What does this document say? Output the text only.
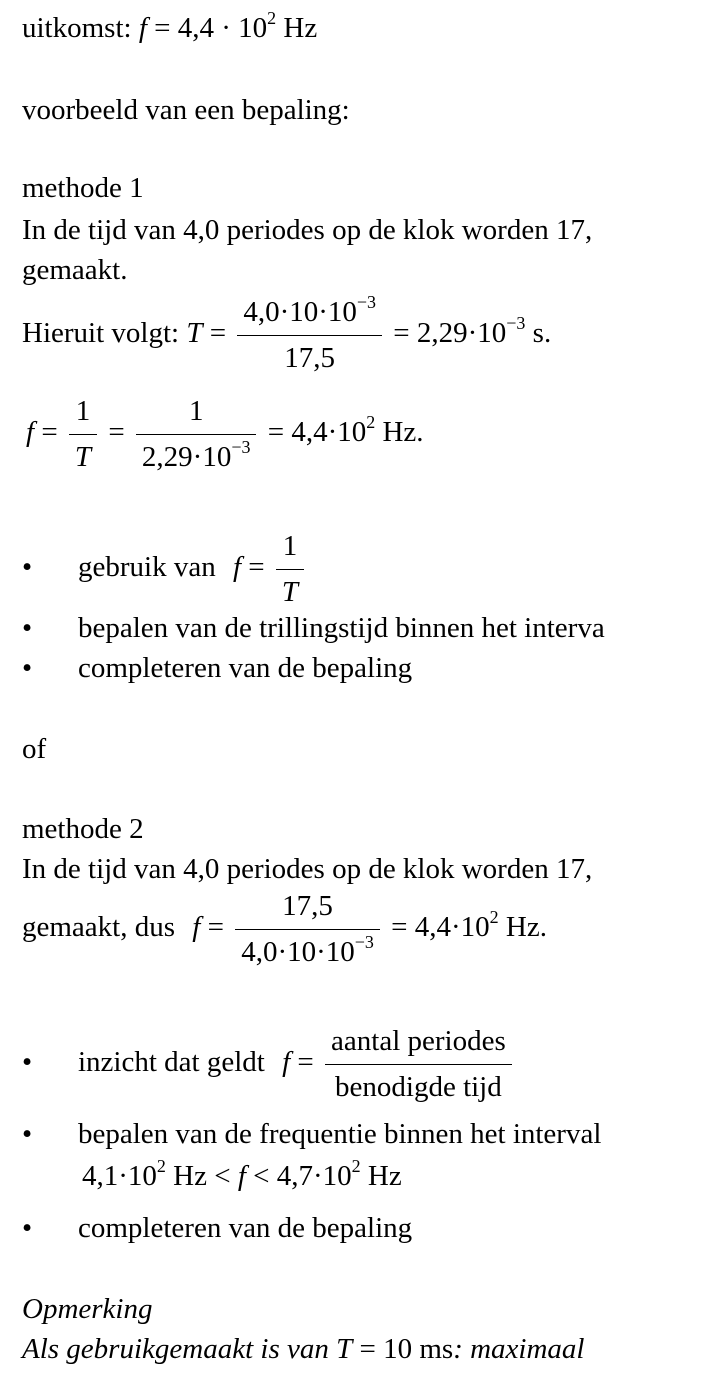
uitkomst: $f = 4,4 \cdot 10^2$ Hz
voorbeeld van een bepaling:
methode 1
In de tijd van 4,0 periodes op de klok worden 17,
gemaakt.
Hieruit volgt: $T = \frac{4,0\cdot 10\cdot 10^{-3}}{17,5} = 2,29\cdot 10^{-3}$ s.
$f = \frac{1}{T} = \frac{1}{2,29\cdot 10^{-3}} = 4,4\cdot 10^2$ Hz.
• gebruik van $f = \frac{1}{T}$
• bepalen van de trillingstijd binnen het interva
• completeren van de bepaling
of
methode 2
In de tijd van 4,0 periodes op de klok worden 17,
gemaakt, dus $f = \frac{17,5}{4,0\cdot 10\cdot 10^{-3}} = 4,4\cdot 10^2$ Hz.
• inzicht dat geldt $f = \frac{\text{aantal periodes}}{\text{benodigde tijd}}$
• bepalen van de frequentie binnen het interval
$4,1\cdot 10^2$ $Hz < f < 4,7\cdot 10^2$ Hz
• completeren van de bepaling
Opmerking
Als gebruikgemaakt is van T = 10 ms: maximaal
